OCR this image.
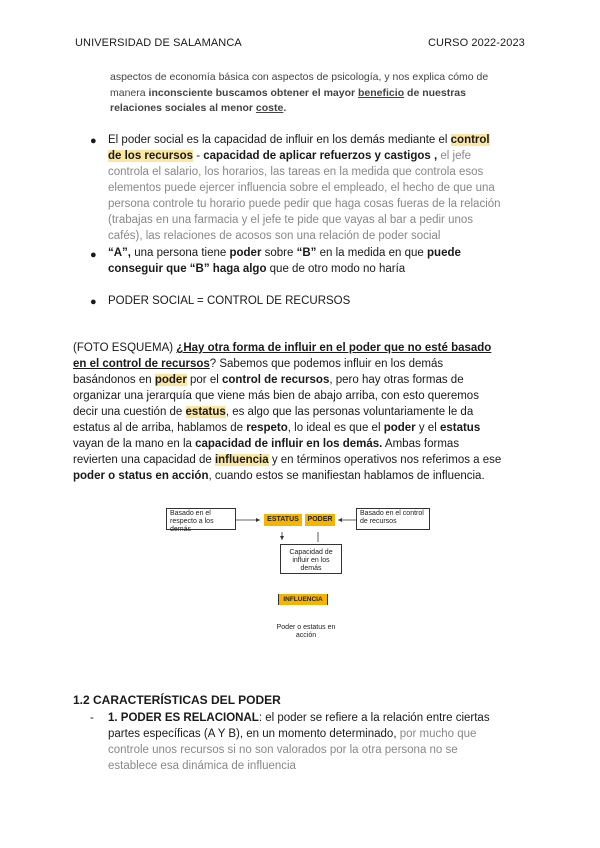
UNIVERSIDAD DE SALAMANCA	CURSO 2022-2023

aspectos de economía básica con aspectos de psicología, y nos explica cómo de

manera inconsciente buscamos obtener el mayor beneficio de nuestras

relaciones sociales al menor coste.

● El poder social es la capacidad de influir en los demás mediante el control

de los recursos - capacidad de aplicar refuerzos y castigos , el jefe

controla el salario, los horarios, las tareas en la medida que controla esos

elementos puede ejercer influencia sobre el empleado, el hecho de que una

persona controle tu horario puede pedir que haga cosas fueras de la relación

(trabajas en una farmacia y el jefe te pide que vayas al bar a pedir unos

cafés), las relaciones de acosos son una relación de poder social

● “A”, una persona tiene poder sobre “B” en la medida en que puede

conseguir que “B” haga algo que de otro modo no haría

● PODER SOCIAL = CONTROL DE RECURSOS

(FOTO ESQUEMA) ¿Hay otra forma de influir en el poder que no esté basado

en el control de recursos? Sabemos que podemos influir en los demás

basándonos en poder por el control de recursos, pero hay otras formas de

organizar una jerarquía que viene más bien de abajo arriba, con esto queremos

decir una cuestión de estatus, es algo que las personas voluntariamente le da

estatus al de arriba, hablamos de respeto, lo ideal es que el poder y el estatus

vayan de la mano en la capacidad de influir en los demás. Ambas formas

revierten una capacidad de influencia y en términos operativos nos referimos a ese

poder o status en acción, cuando estos se manifiestan hablamos de influencia.

Basado en el respecto a los demás
ESTATUS	PODER
Basado en el control de recursos
Capacidad de influir en los demás
INFLUENCIA
Poder o estatus en acción
1.2 CARACTERÍSTICAS DEL PODER
- 1. PODER ES RELACIONAL: el poder se refiere a la relación entre ciertas

partes específicas (A Y B), en un momento determinado, por mucho que

controle unos recursos si no son valorados por la otra persona no se

establece esa dinámica de influencia
